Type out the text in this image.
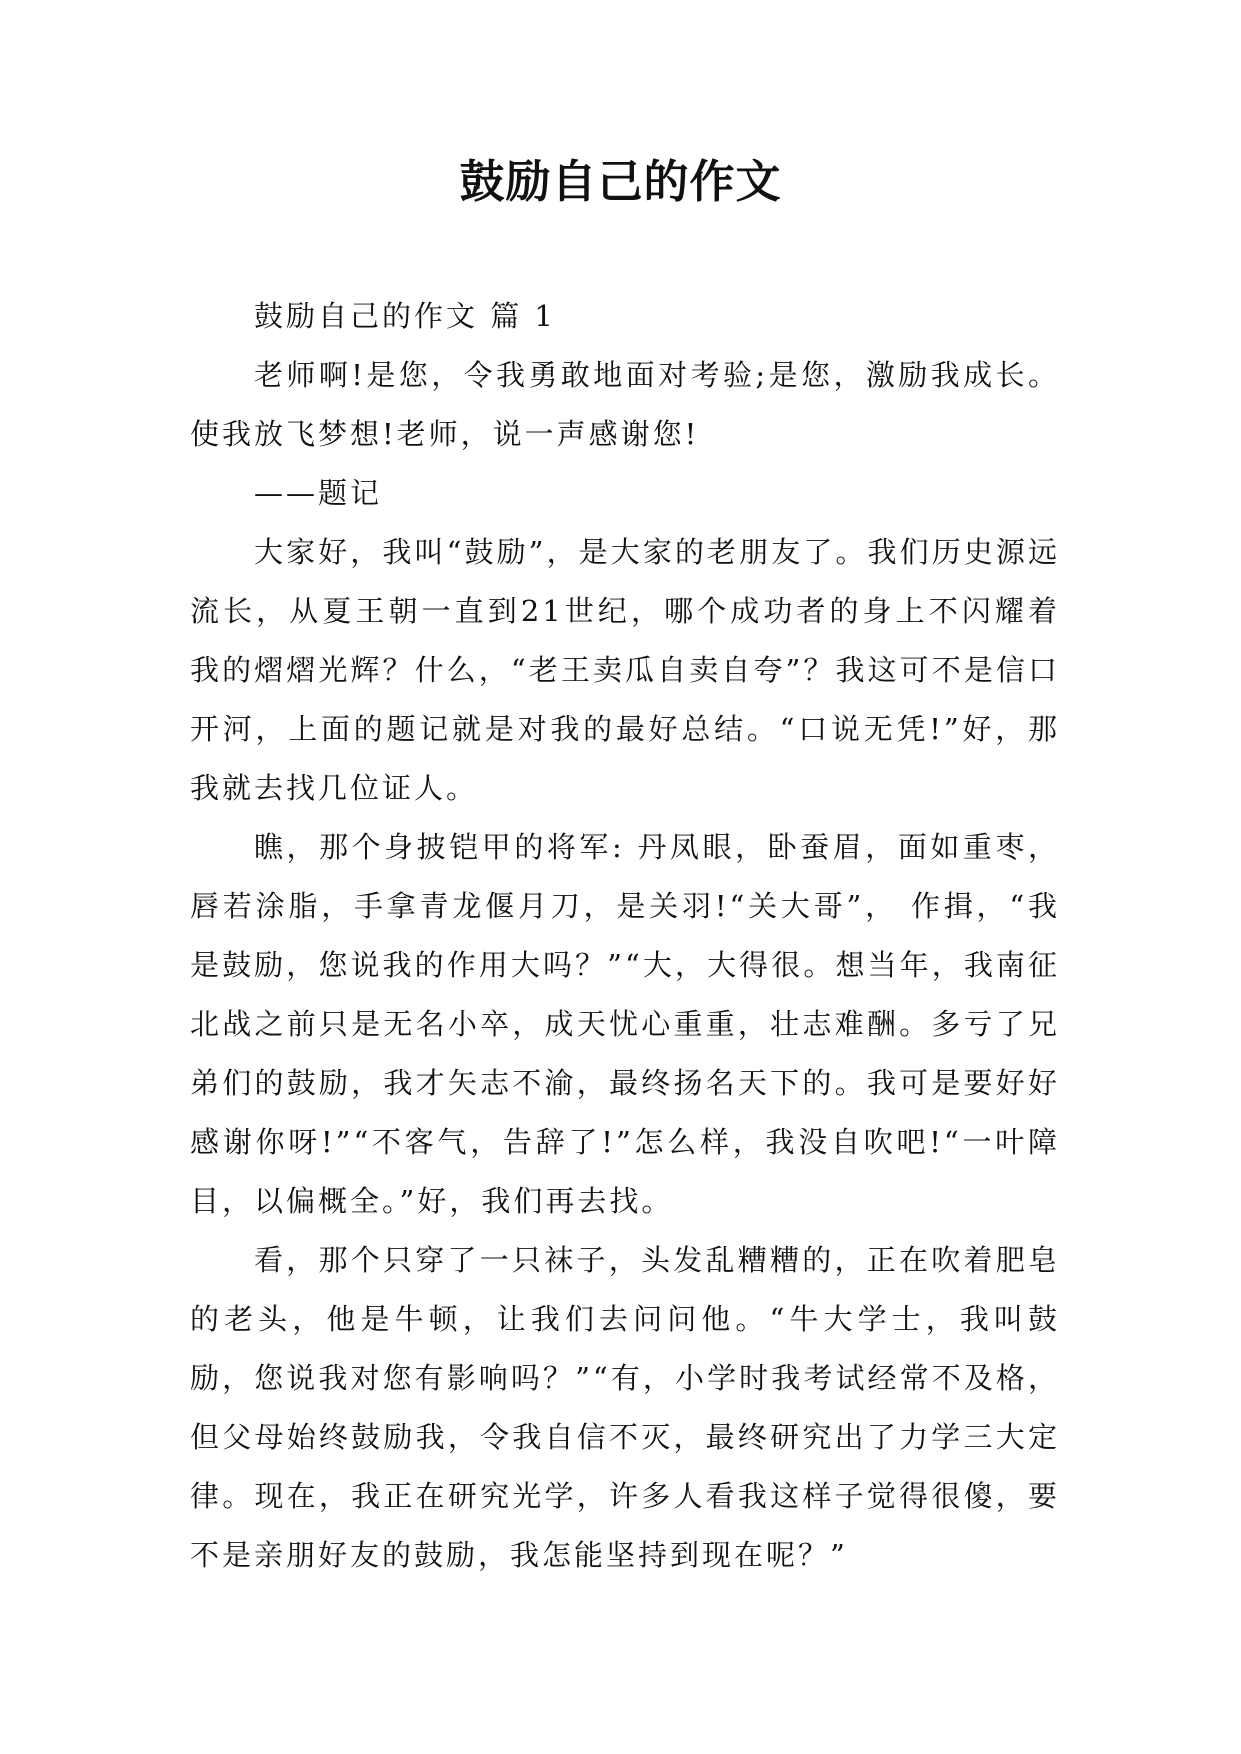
鼓励自己的作文

鼓励自己的作文 篇 1

老师啊!是您，令我勇敢地面对考验;是您，激励我成长。使我放飞梦想!老师，说一声感谢您!

——题记

大家好，我叫“鼓励”，是大家的老朋友了。我们历史源远流长，从夏王朝一直到21世纪，哪个成功者的身上不闪耀着我的熠熠光辉？什么，“老王卖瓜自卖自夸”？我这可不是信口开河，上面的题记就是对我的最好总结。“口说无凭!”好，那我就去找几位证人。

瞧，那个身披铠甲的将军: 丹凤眼，卧蚕眉，面如重枣，唇若涂脂，手拿青龙偃月刀，是关羽!“关大哥”， 作揖，“我是鼓励，您说我的作用大吗？”“大，大得很。想当年，我南征北战之前只是无名小卒，成天忧心重重，壮志难酬。多亏了兄弟们的鼓励，我才矢志不渝，最终扬名天下的。我可是要好好感谢你呀!”“不客气，告辞了!”怎么样，我没自吹吧!“一叶障目，以偏概全。”好，我们再去找。

看，那个只穿了一只袜子，头发乱糟糟的，正在吹着肥皂的老头，他是牛顿，让我们去问问他。“牛大学士，我叫鼓励，您说我对您有影响吗？”“有，小学时我考试经常不及格，但父母始终鼓励我，令我自信不灭，最终研究出了力学三大定律。现在，我正在研究光学，许多人看我这样子觉得很傻，要不是亲朋好友的鼓励，我怎能坚持到现在呢？”
